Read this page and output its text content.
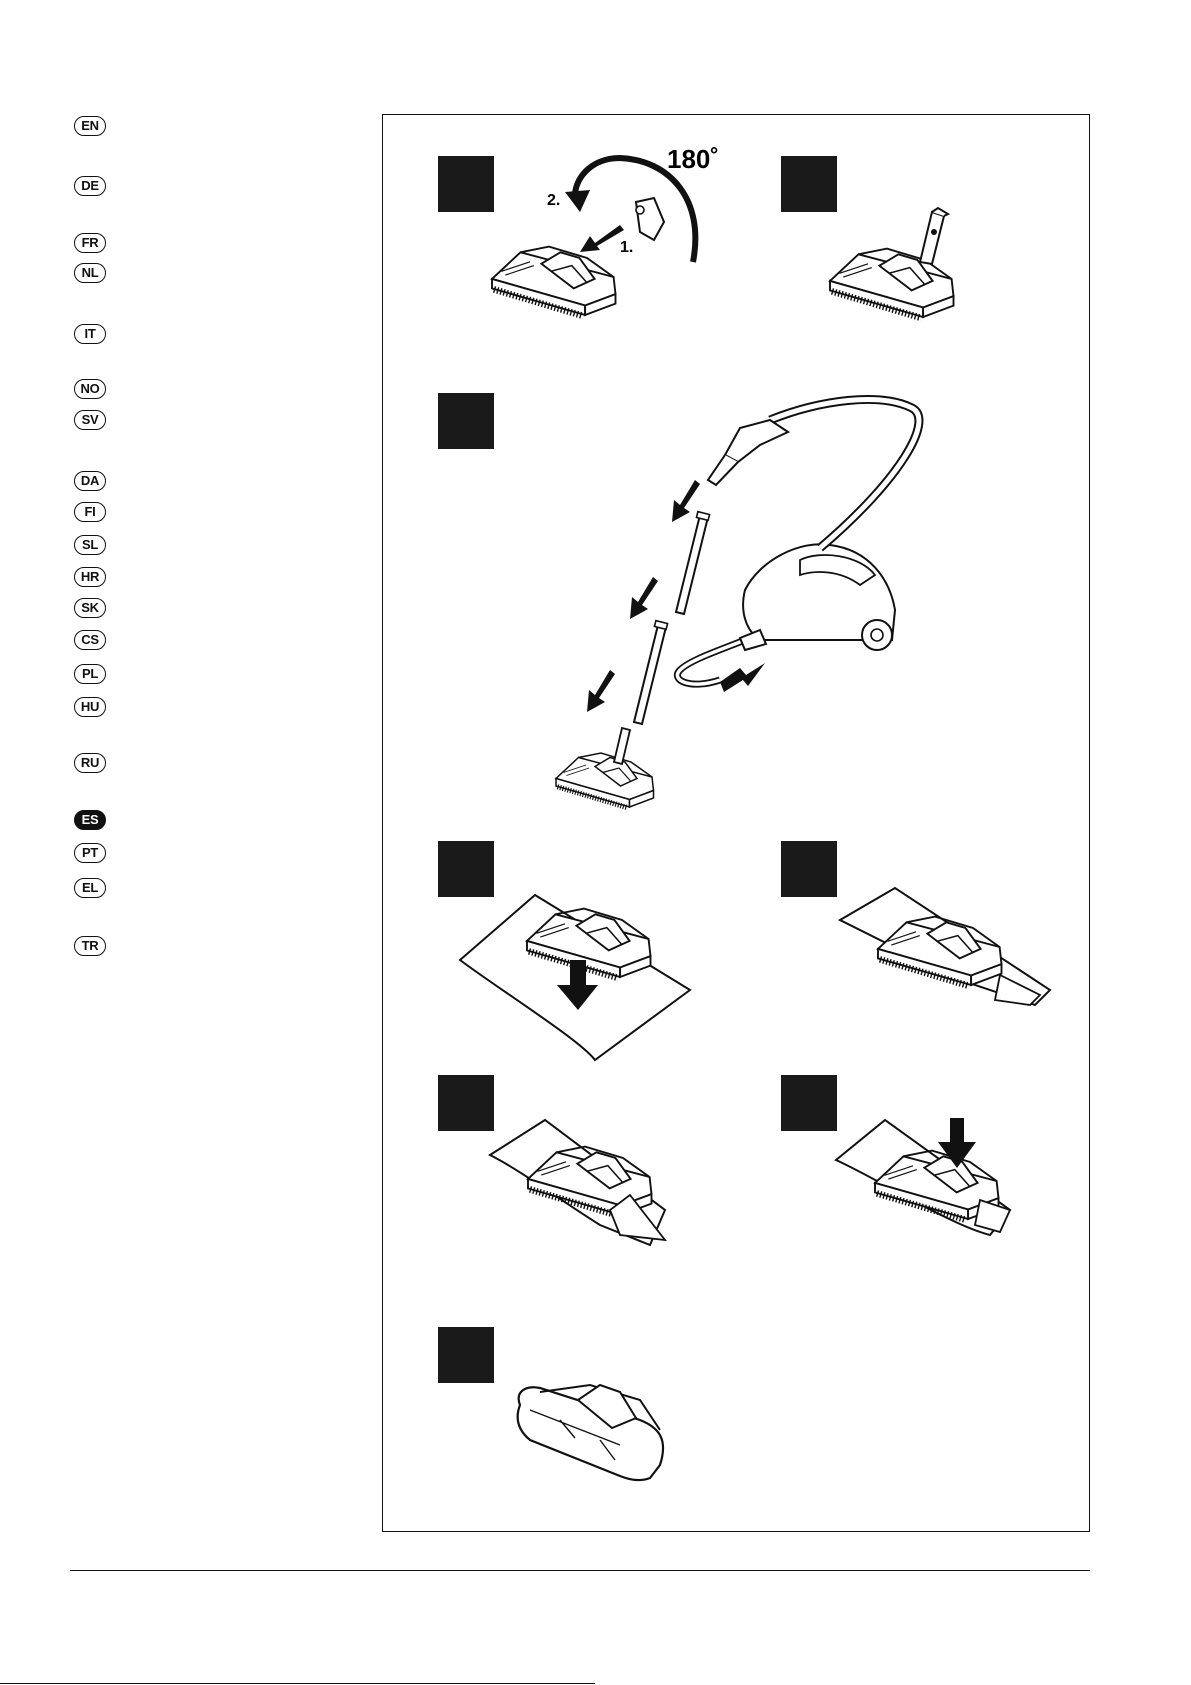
EN
DE
FR
NL
IT
NO
SV
DA
FI
SL
HR
SK
CS
PL
HU
RU
ES
PT
EL
TR
180˚
2.
1.
